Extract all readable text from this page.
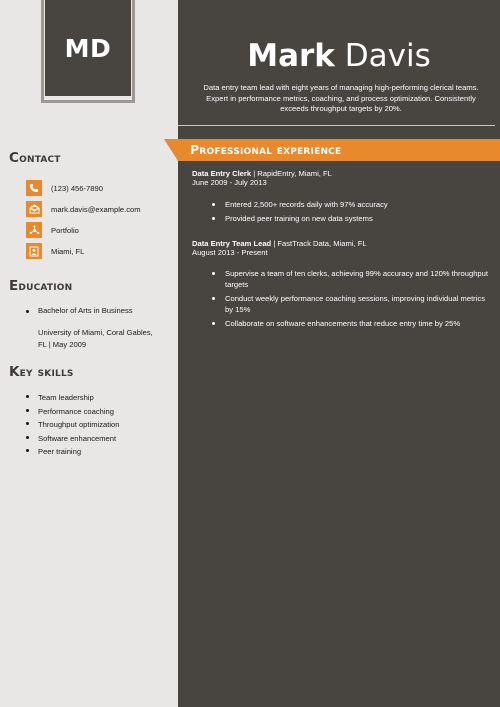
MD	Mark Davis
Data entry team lead with eight years of managing high-performing clerical teams. Expert in performance metrics, coaching, and process optimization. Consistently exceeds throughput targets by 20%.
Contact
(123) 456-7890
mark.davis@example.com
Portfolio
Miami, FL
Education
Bachelor of Arts in Business
University of Miami, Coral Gables,
FL | May 2009
Key skills
Team leadership
Performance coaching
Throughput optimization
Software enhancement
Peer training
Professional experience
Data Entry Clerk | RapidEntry, Miami, FL
June 2009 - July 2013
Entered 2,500+ records daily with 97% accuracy
Provided peer training on new data systems
Data Entry Team Lead | FastTrack Data, Miami, FL
August 2013 - Present
Supervise a team of ten clerks, achieving 99% accuracy and 120% throughput targets
Conduct weekly performance coaching sessions, improving individual metrics by 15%
Collaborate on software enhancements that reduce entry time by 25%
